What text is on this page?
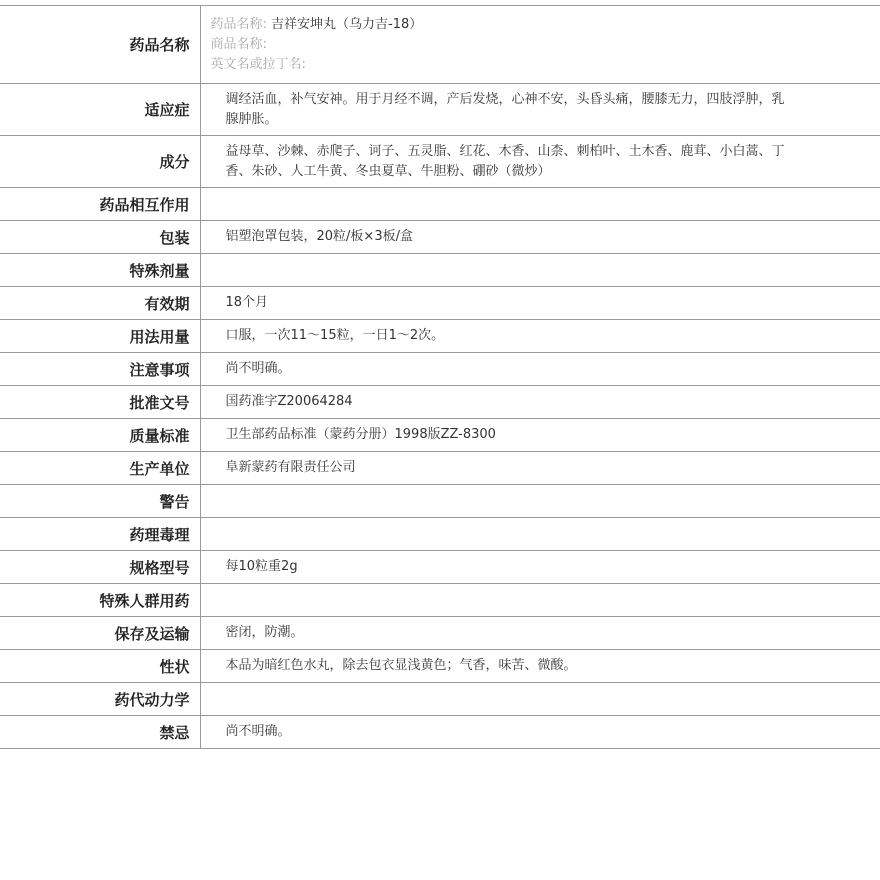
药品名称	药品名称: 吉祥安坤丸（乌力吉-18）
商品名称:
英文名或拉丁名:

适应症	调经活血，补气安神。用于月经不调，产后发烧，心神不安，头昏头痛，腰膝无力，四肢浮肿，乳腺肿胀。
成分	益母草、沙棘、赤爬子、诃子、五灵脂、红花、木香、山柰、刺柏叶、土木香、鹿茸、小白蒿、丁香、朱砂、人工牛黄、冬虫夏草、牛胆粉、硼砂（微炒）
药品相互作用	
包装	铝塑泡罩包装，20粒/板×3板/盒
特殊剂量	
有效期	18个月
用法用量	口服，一次11～15粒，一日1～2次。
注意事项	尚不明确。
批准文号	国药准字Z20064284
质量标准	卫生部药品标准（蒙药分册）1998版ZZ-8300
生产单位	阜新蒙药有限责任公司
警告	
药理毒理	
规格型号	每10粒重2g
特殊人群用药	
保存及运输	密闭，防潮。
性状	本品为暗红色水丸，除去包衣显浅黄色；气香，味苦、微酸。
药代动力学	
禁忌	尚不明确。
